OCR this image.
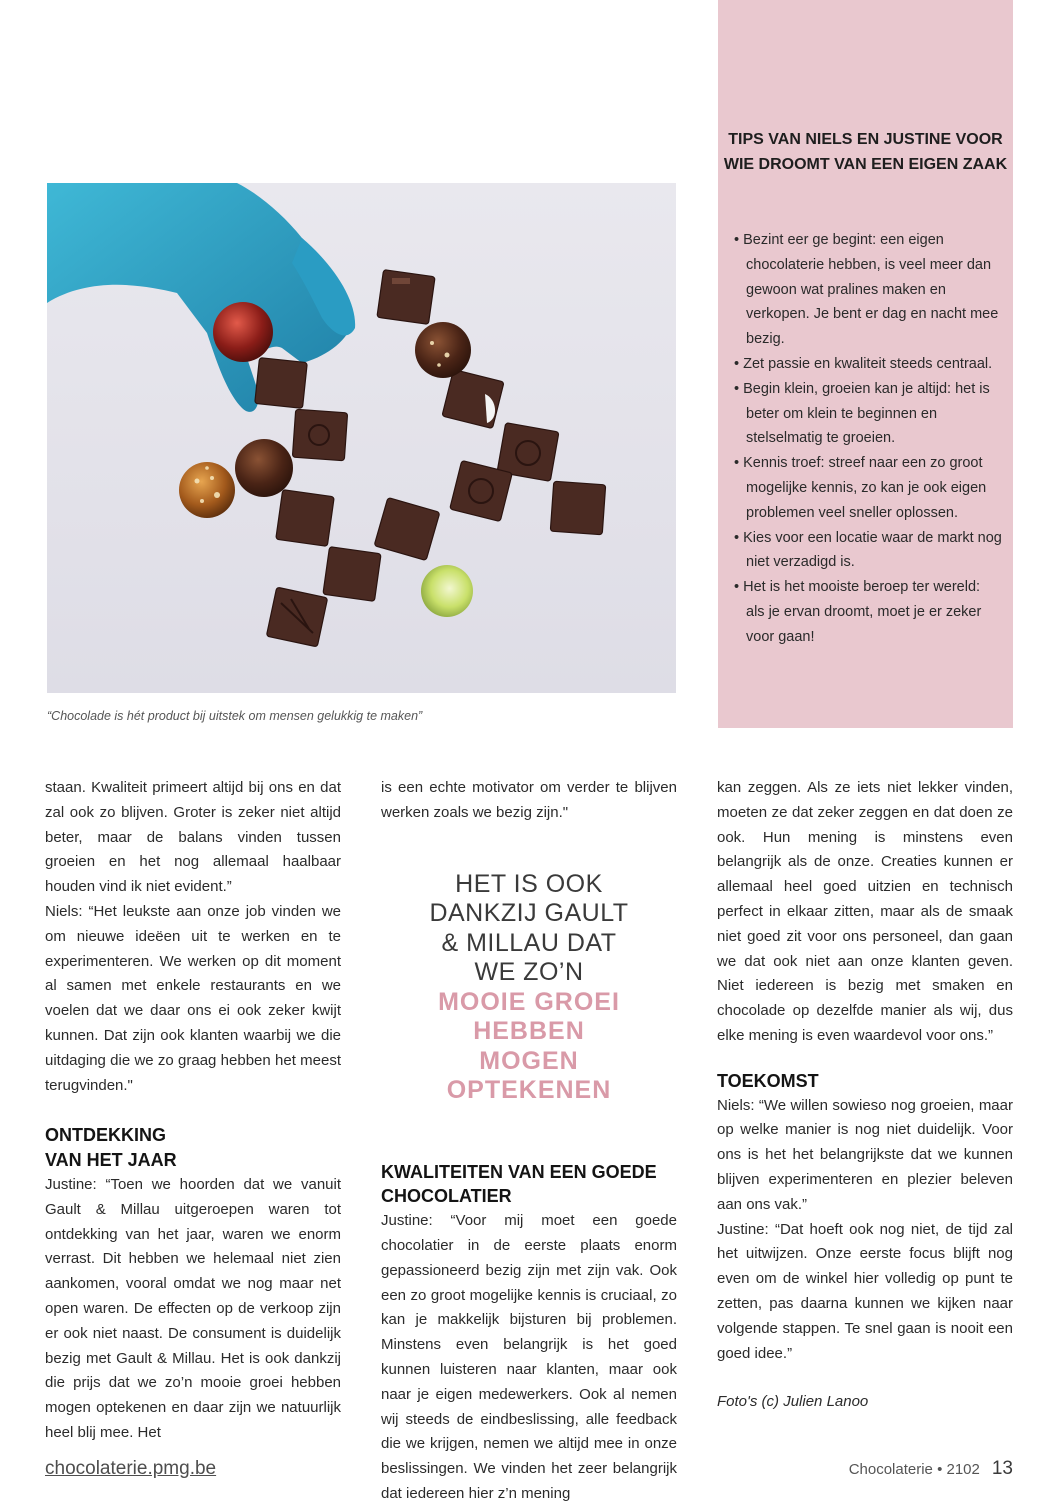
“Chocolade is hét product bij uitstek om mensen gelukkig te maken”
TIPS VAN NIELS EN JUSTINE VOOR WIE DROOMT VAN EEN EIGEN ZAAK
• Bezint eer ge begint: een eigen chocolaterie hebben, is veel meer dan gewoon wat pralines maken en verkopen. Je bent er dag en nacht mee bezig.
• Zet passie en kwaliteit steeds centraal.
• Begin klein, groeien kan je altijd: het is beter om klein te beginnen en stelselmatig te groeien.
• Kennis troef: streef naar een zo groot mogelijke kennis, zo kan je ook eigen problemen veel sneller oplossen.
• Kies voor een locatie waar de markt nog niet verzadigd is.
• Het is het mooiste beroep ter wereld: als je ervan droomt, moet je er zeker voor gaan!

staan. Kwaliteit primeert altijd bij ons en dat zal ook zo blijven. Groter is zeker niet altijd beter, maar de balans vinden tussen groeien en het nog allemaal haalbaar houden vind ik niet evident.”

Niels: “Het leukste aan onze job vinden we om nieuwe ideëen uit te werken en te experimenteren. We werken op dit moment al samen met enkele restaurants en we voelen dat we daar ons ei ook zeker kwijt kunnen. Dat zijn ook klanten waarbij we die uitdaging die we zo graag hebben het meest terugvinden."

ONTDEKKING VAN HET JAAR

Justine: “Toen we hoorden dat we vanuit Gault & Millau uitgeroepen waren tot ontdekking van het jaar, waren we enorm verrast. Dit hebben we helemaal niet zien aankomen, vooral omdat we nog maar net open waren. De effecten op de verkoop zijn er ook niet naast. De consument is duidelijk bezig met Gault & Millau. Het is ook dankzij die prijs dat we zo’n mooie groei hebben mogen optekenen en daar zijn we natuurlijk heel blij mee. Het

is een echte motivator om verder te blijven werken zoals we bezig zijn."

HET IS OOK DANKZIJ GAULT & MILLAU DAT WE ZO’N
MOOIE GROEI HEBBEN MOGEN OPTEKENEN
KWALITEITEN VAN EEN GOEDE CHOCOLATIER

Justine: “Voor mij moet een goede chocolatier in de eerste plaats enorm gepassioneerd bezig zijn met zijn vak. Ook een zo groot mogelijke kennis is cruciaal, zo kan je makkelijk bijsturen bij problemen. Minstens even belangrijk is het goed kunnen luisteren naar klanten, maar ook naar je eigen medewerkers. Ook al nemen wij steeds de eindbeslissing, alle feedback die we krijgen, nemen we altijd mee in onze beslissingen. We vinden het zeer belangrijk dat iedereen hier z’n mening

kan zeggen. Als ze iets niet lekker vinden, moeten ze dat zeker zeggen en dat doen ze ook. Hun mening is minstens even belangrijk als de onze. Creaties kunnen er allemaal heel goed uitzien en technisch perfect in elkaar zitten, maar als de smaak niet goed zit voor ons personeel, dan gaan we dat ook niet aan onze klanten geven. Niet iedereen is bezig met smaken en chocolade op dezelfde manier als wij, dus elke mening is even waardevol voor ons.”

TOEKOMST

Niels: “We willen sowieso nog groeien, maar op welke manier is nog niet duidelijk. Voor ons is het het belangrijkste dat we kunnen blijven experimenteren en plezier beleven aan ons vak.”

Justine: “Dat hoeft ook nog niet, de tijd zal het uitwijzen. Onze eerste focus blijft nog even om de winkel hier volledig op punt te zetten, pas daarna kunnen we kijken naar volgende stappen. Te snel gaan is nooit een goed idee.”

Foto's (c) Julien Lanoo

chocolaterie.pmg.be	Chocolaterie • 2102 13
